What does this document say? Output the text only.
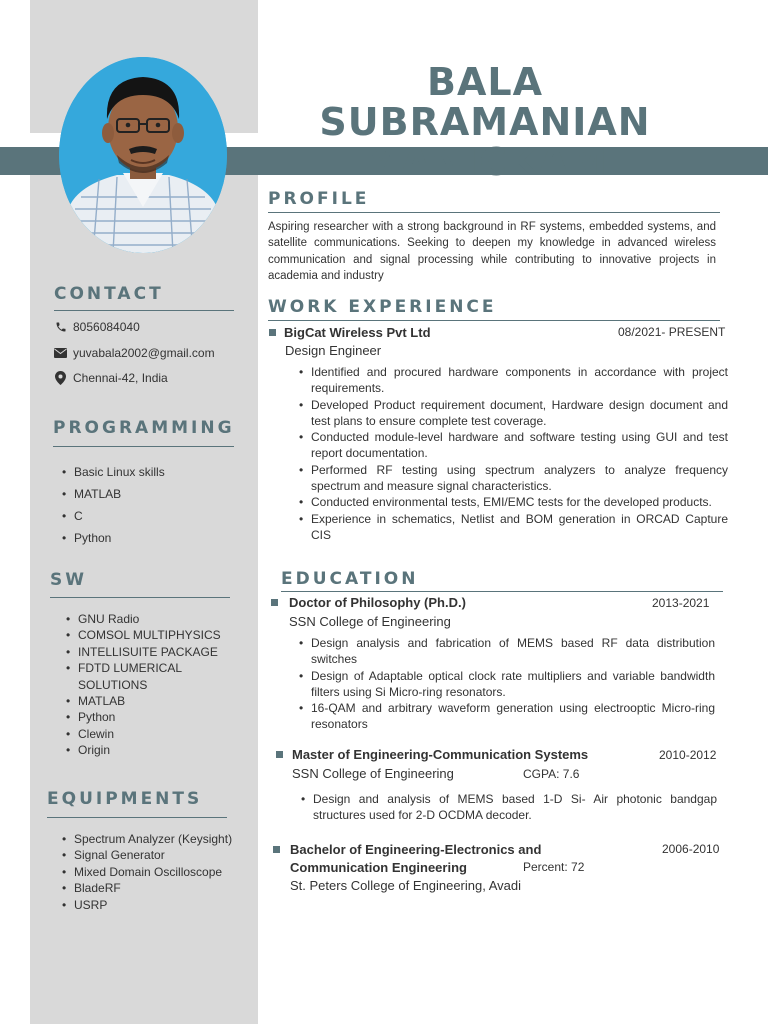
BALA SUBRAMANIAN
MANICKAM
CONTACT
8056084040
yuvabala2002@gmail.com
Chennai-42, India
PROGRAMMING
• Basic Linux skills
• MATLAB
• C
• Python
SW
• GNU Radio
• COMSOL MULTIPHYSICS
• INTELLISUITE PACKAGE
• FDTD LUMERICAL
SOLUTIONS
• MATLAB
• Python
• Clewin
• Origin
EQUIPMENTS
• Spectrum Analyzer (Keysight)
• Signal Generator
• Mixed Domain Oscilloscope
• BladeRF
• USRP
PROFILE

Aspiring researcher with a strong background in RF systems, embedded systems, and satellite communications. Seeking to deepen my knowledge in advanced wireless communication and signal processing while contributing to innovative projects in academia and industry

WORK EXPERIENCE
BigCat Wireless Pvt Ltd	08/2021- PRESENT
Design Engineer
• Identified and procured hardware components in accordance with project requirements.
• Developed Product requirement document, Hardware design document and test plans to ensure complete test coverage.
• Conducted module-level hardware and software testing using GUI and test report documentation.
• Performed RF testing using spectrum analyzers to analyze frequency spectrum and measure signal characteristics.
• Conducted environmental tests, EMI/EMC tests for the developed products.
• Experience in schematics, Netlist and BOM generation in ORCAD Capture CIS
EDUCATION
Doctor of Philosophy (Ph.D.)	2013-2021
SSN College of Engineering
• Design analysis and fabrication of MEMS based RF data distribution switches
• Design of Adaptable optical clock rate multipliers and variable bandwidth filters using Si Micro-ring resonators.
• 16-QAM and arbitrary waveform generation using electrooptic Micro-ring resonators
Master of Engineering-Communication Systems	2010-2012
SSN College of Engineering	CGPA: 7.6
• Design and analysis of MEMS based 1-D Si- Air photonic bandgap structures used for 2-D OCDMA decoder.
Bachelor of Engineering-Electronics and	2006-2010
Communication Engineering	Percent: 72
St. Peters College of Engineering, Avadi
